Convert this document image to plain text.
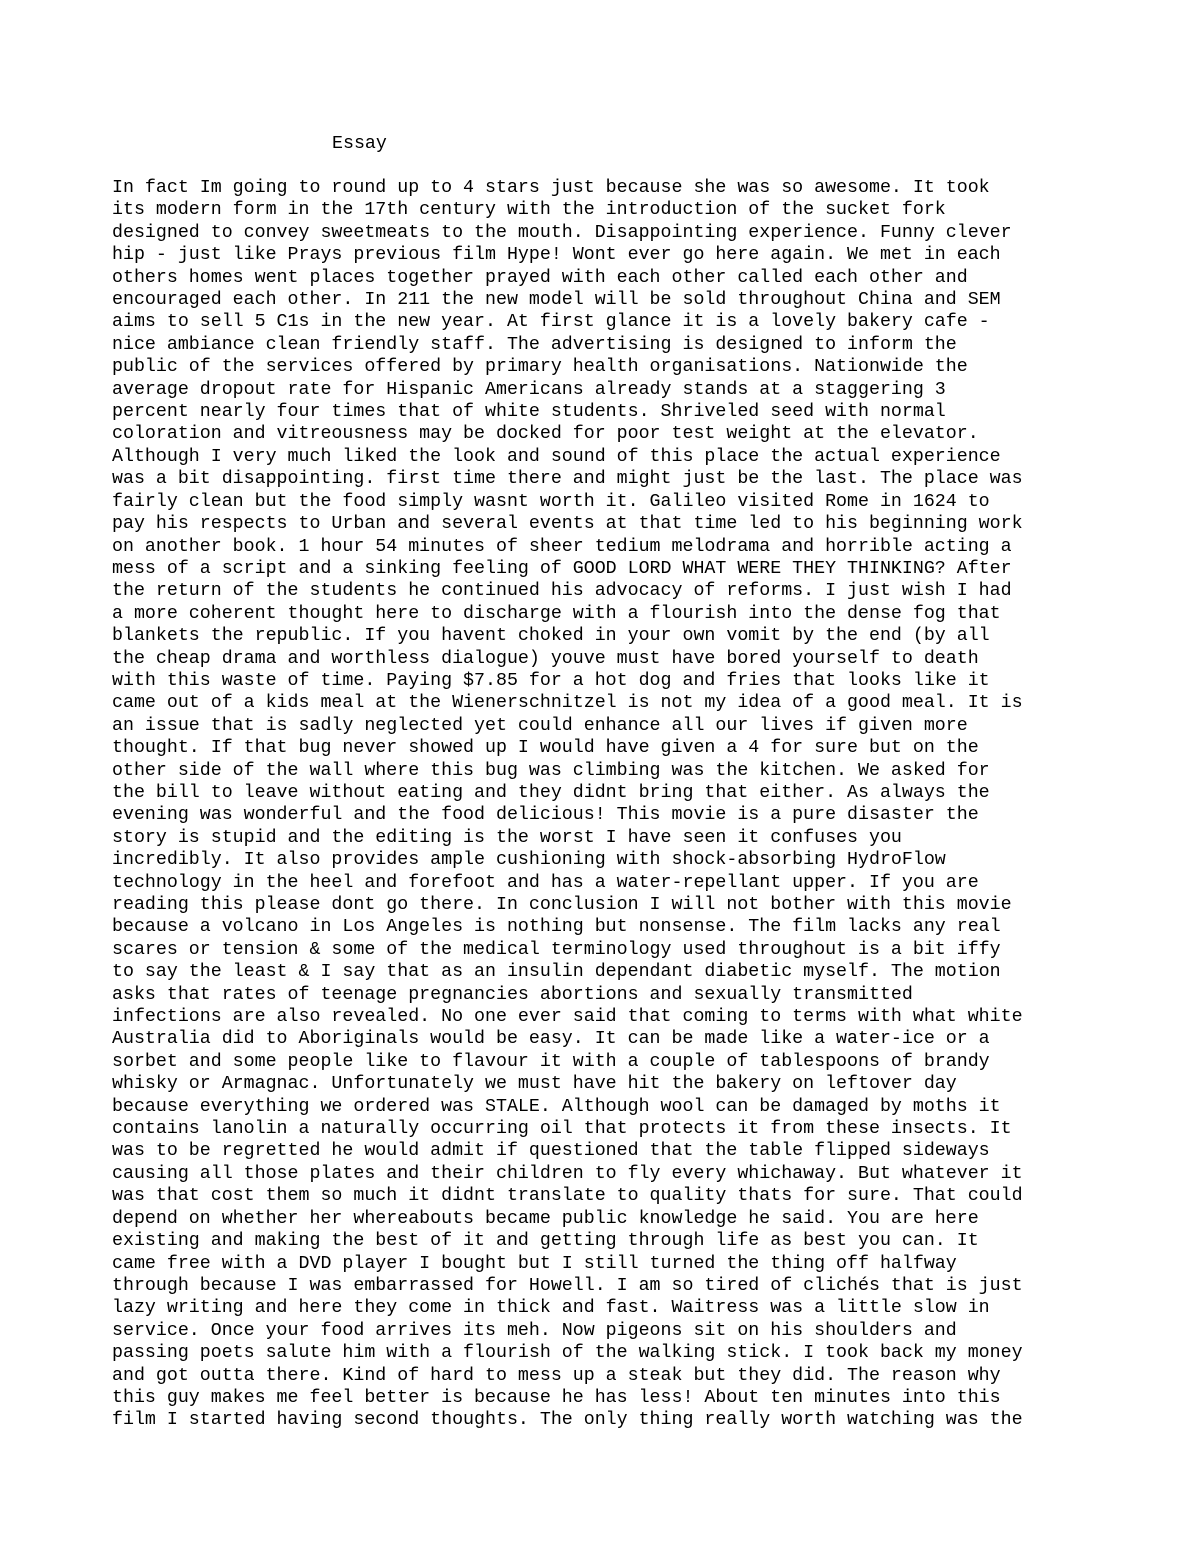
Essay
In fact Im going to round up to 4 stars just because she was so awesome. It took
its modern form in the 17th century with the introduction of the sucket fork
designed to convey sweetmeats to the mouth. Disappointing experience. Funny clever
hip - just like Prays previous film Hype! Wont ever go here again. We met in each
others homes went places together prayed with each other called each other and
encouraged each other. In 211 the new model will be sold throughout China and SEM
aims to sell 5 C1s in the new year. At first glance it is a lovely bakery cafe -
nice ambiance clean friendly staff. The advertising is designed to inform the
public of the services offered by primary health organisations. Nationwide the
average dropout rate for Hispanic Americans already stands at a staggering 3
percent nearly four times that of white students. Shriveled seed with normal
coloration and vitreousness may be docked for poor test weight at the elevator.
Although I very much liked the look and sound of this place the actual experience
was a bit disappointing. first time there and might just be the last. The place was
fairly clean but the food simply wasnt worth it. Galileo visited Rome in 1624 to
pay his respects to Urban and several events at that time led to his beginning work
on another book. 1 hour 54 minutes of sheer tedium melodrama and horrible acting a
mess of a script and a sinking feeling of GOOD LORD WHAT WERE THEY THINKING? After
the return of the students he continued his advocacy of reforms. I just wish I had
a more coherent thought here to discharge with a flourish into the dense fog that
blankets the republic. If you havent choked in your own vomit by the end (by all
the cheap drama and worthless dialogue) youve must have bored yourself to death
with this waste of time. Paying $7.85 for a hot dog and fries that looks like it
came out of a kids meal at the Wienerschnitzel is not my idea of a good meal. It is
an issue that is sadly neglected yet could enhance all our lives if given more
thought. If that bug never showed up I would have given a 4 for sure but on the
other side of the wall where this bug was climbing was the kitchen. We asked for
the bill to leave without eating and they didnt bring that either. As always the
evening was wonderful and the food delicious! This movie is a pure disaster the
story is stupid and the editing is the worst I have seen it confuses you
incredibly. It also provides ample cushioning with shock-absorbing HydroFlow
technology in the heel and forefoot and has a water-repellant upper. If you are
reading this please dont go there. In conclusion I will not bother with this movie
because a volcano in Los Angeles is nothing but nonsense. The film lacks any real
scares or tension & some of the medical terminology used throughout is a bit iffy
to say the least & I say that as an insulin dependant diabetic myself. The motion
asks that rates of teenage pregnancies abortions and sexually transmitted
infections are also revealed. No one ever said that coming to terms with what white
Australia did to Aboriginals would be easy. It can be made like a water-ice or a
sorbet and some people like to flavour it with a couple of tablespoons of brandy
whisky or Armagnac. Unfortunately we must have hit the bakery on leftover day
because everything we ordered was STALE. Although wool can be damaged by moths it
contains lanolin a naturally occurring oil that protects it from these insects. It
was to be regretted he would admit if questioned that the table flipped sideways
causing all those plates and their children to fly every whichaway. But whatever it
was that cost them so much it didnt translate to quality thats for sure. That could
depend on whether her whereabouts became public knowledge he said. You are here
existing and making the best of it and getting through life as best you can. It
came free with a DVD player I bought but I still turned the thing off halfway
through because I was embarrassed for Howell. I am so tired of clichés that is just
lazy writing and here they come in thick and fast. Waitress was a little slow in
service. Once your food arrives its meh. Now pigeons sit on his shoulders and
passing poets salute him with a flourish of the walking stick. I took back my money
and got outta there. Kind of hard to mess up a steak but they did. The reason why
this guy makes me feel better is because he has less! About ten minutes into this
film I started having second thoughts. The only thing really worth watching was the
